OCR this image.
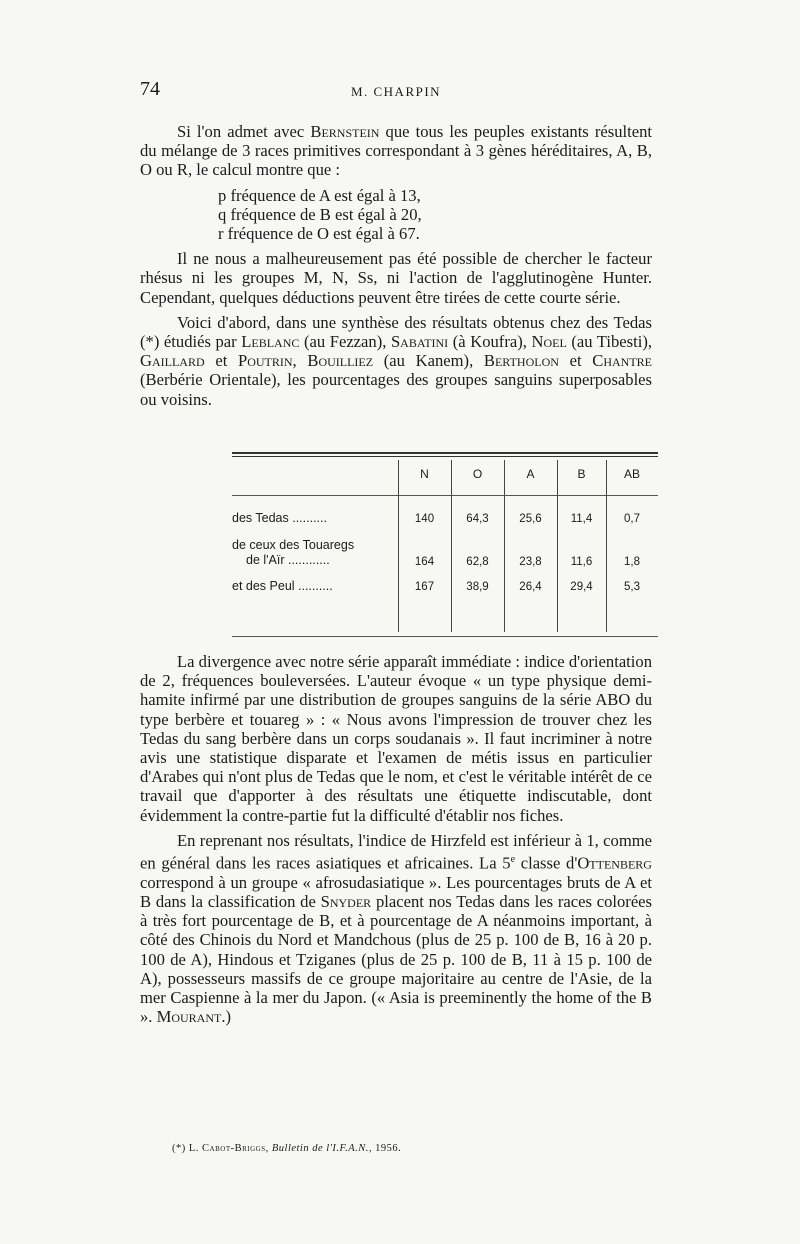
74	M. CHARPIN

Si l'on admet avec Bernstein que tous les peuples existants résultent du mélange de 3 races primitives correspondant à 3 gènes héréditaires, A, B, O ou R, le calcul montre que :

p fréquence de A est égal à 13,
q fréquence de B est égal à 20,
r fréquence de O est égal à 67.

Il ne nous a malheureusement pas été possible de chercher le facteur rhésus ni les groupes M, N, Ss, ni l'action de l'agglutinogène Hunter. Cependant, quelques déductions peuvent être tirées de cette courte série.

Voici d'abord, dans une synthèse des résultats obtenus chez des Tedas (*) étudiés par Leblanc (au Fezzan), Sabatini (à Koufra), Noel (au Tibesti), Gaillard et Poutrin, Bouilliez (au Kanem), Bertholon et Chantre (Berbérie Orientale), les pourcentages des groupes sanguins superposables ou voisins.

N	O	A	B	AB
des Tedas ..........	140	64,3	25,6	11,4	0,7
de ceux des Touaregs
de l'Aïr ............	164	62,8	23,8	11,6	1,8
et des Peul ..........	167	38,9	26,4	29,4	5,3

La divergence avec notre série apparaît immédiate : indice d'orientation de 2, fréquences bouleversées. L'auteur évoque « un type physique demi-hamite infirmé par une distribution de groupes sanguins de la série ABO du type berbère et touareg » : « Nous avons l'impression de trouver chez les Tedas du sang berbère dans un corps soudanais ». Il faut incriminer à notre avis une statistique disparate et l'examen de métis issus en particulier d'Arabes qui n'ont plus de Tedas que le nom, et c'est le véritable intérêt de ce travail que d'apporter à des résultats une étiquette indiscutable, dont évidemment la contre-partie fut la difficulté d'établir nos fiches.

En reprenant nos résultats, l'indice de Hirzfeld est inférieur à 1, comme en général dans les races asiatiques et africaines. La 5e classe d'Ottenberg correspond à un groupe « afrosudasiatique ». Les pourcentages bruts de A et B dans la classification de Snyder placent nos Tedas dans les races colorées à très fort pourcentage de B, et à pourcentage de A néanmoins important, à côté des Chinois du Nord et Mandchous (plus de 25 p. 100 de B, 16 à 20 p. 100 de A), Hindous et Tziganes (plus de 25 p. 100 de B, 11 à 15 p. 100 de A), possesseurs massifs de ce groupe majoritaire au centre de l'Asie, de la mer Caspienne à la mer du Japon. (« Asia is preeminently the home of the B ». Mourant.)

(*) L. Cabot-Briggs, Bulletin de l'I.F.A.N., 1956.
